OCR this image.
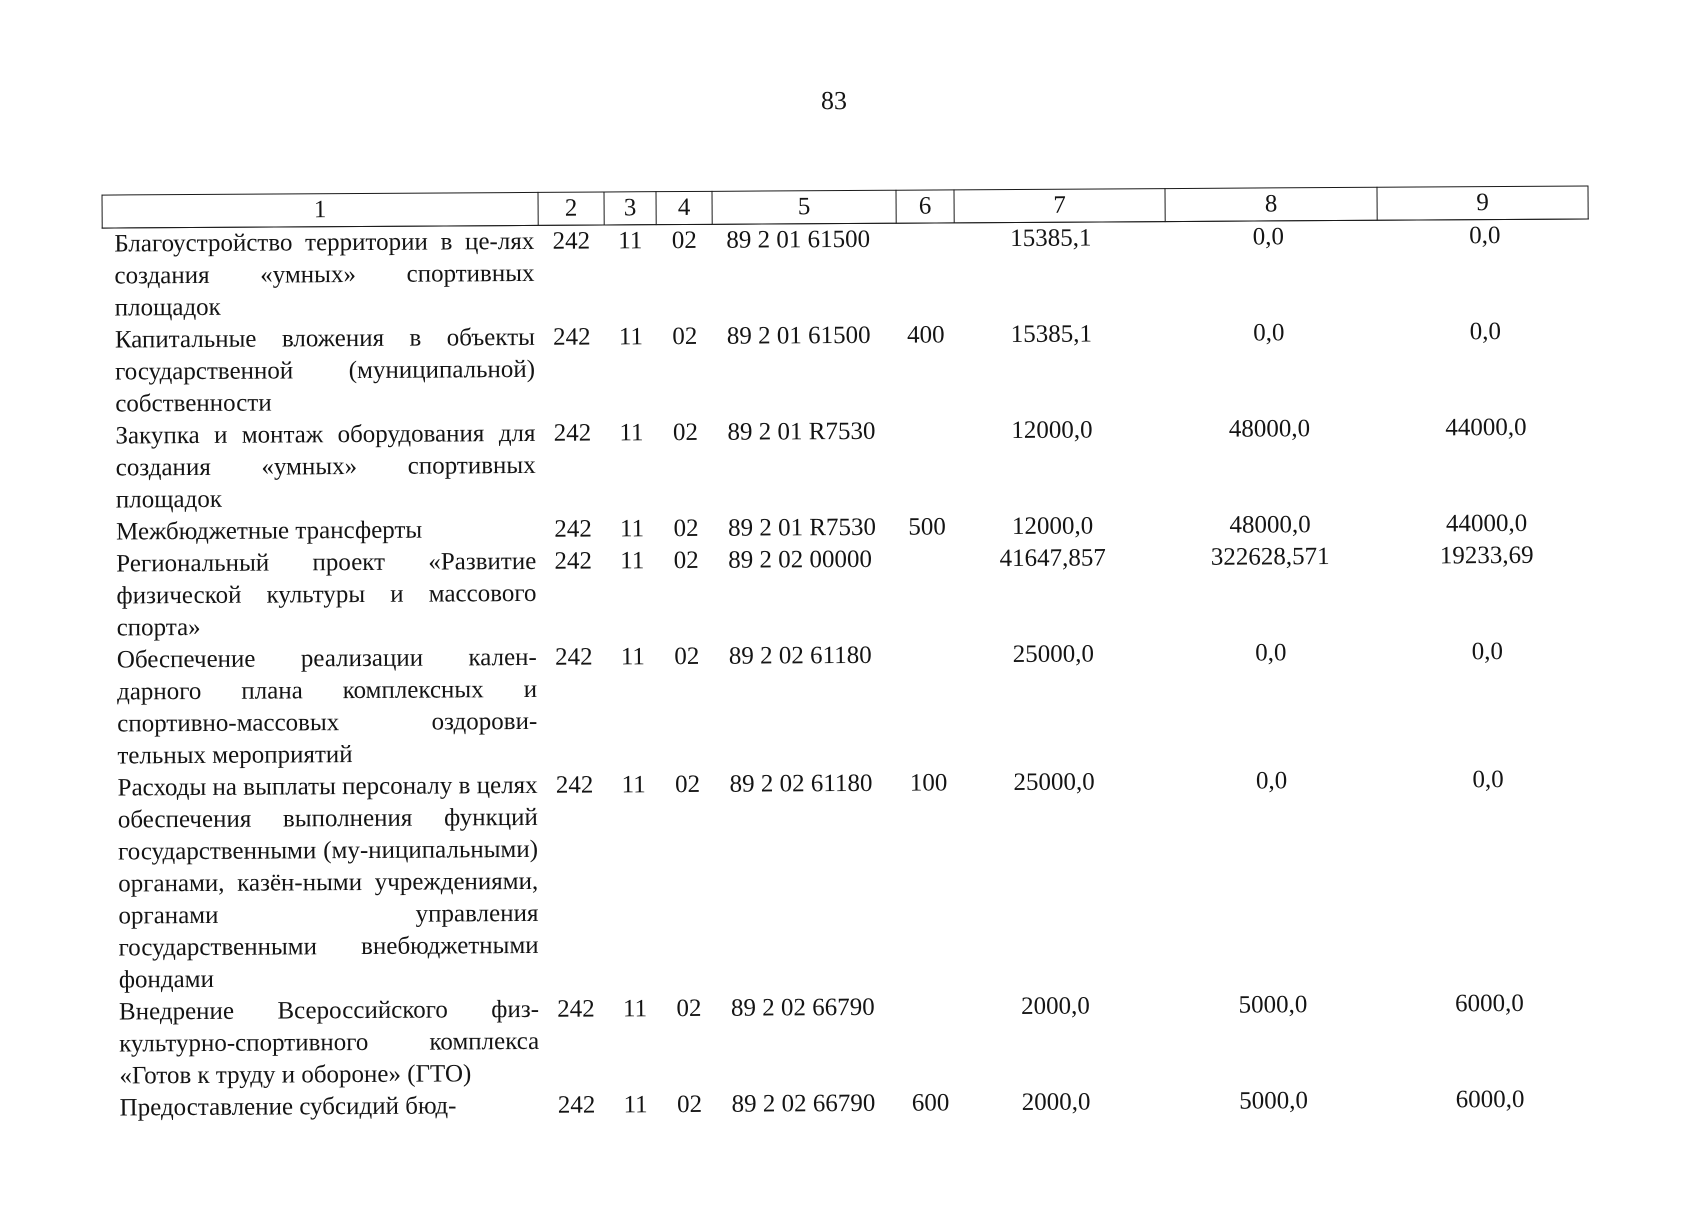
83
1	2	3	4	5	6	7	8	9
Благоустройство территории в це-лях создания «умных» спортивных площадок	242	11	02	89 2 01 61500		15385,1	0,0	0,0
Капитальные вложения в объекты государственной (муниципальной) собственности	242	11	02	89 2 01 61500	400	15385,1	0,0	0,0
Закупка и монтаж оборудования для создания «умных» спортивных площадок	242	11	02	89 2 01 R7530		12000,0	48000,0	44000,0
Межбюджетные трансферты	242	11	02	89 2 01 R7530	500	12000,0	48000,0	44000,0
Региональный проект «Развитие физической культуры и массового спорта»	242	11	02	89 2 02 00000		41647,857	322628,571	19233,69
Обеспечение реализации кален-дарного плана комплексных и спортивно-массовых оздорови-тельных мероприятий	242	11	02	89 2 02 61180		25000,0	0,0	0,0
Расходы на выплаты персоналу в целях обеспечения выполнения функций государственными (му-ниципальными) органами, казён-ными учреждениями, органами управления государственными внебюджетными фондами	242	11	02	89 2 02 61180	100	25000,0	0,0	0,0
Внедрение Всероссийского физ-культурно-спортивного комплекса «Готов к труду и обороне» (ГТО)	242	11	02	89 2 02 66790		2000,0	5000,0	6000,0
Предоставление субсидий бюд-	242	11	02	89 2 02 66790	600	2000,0	5000,0	6000,0
